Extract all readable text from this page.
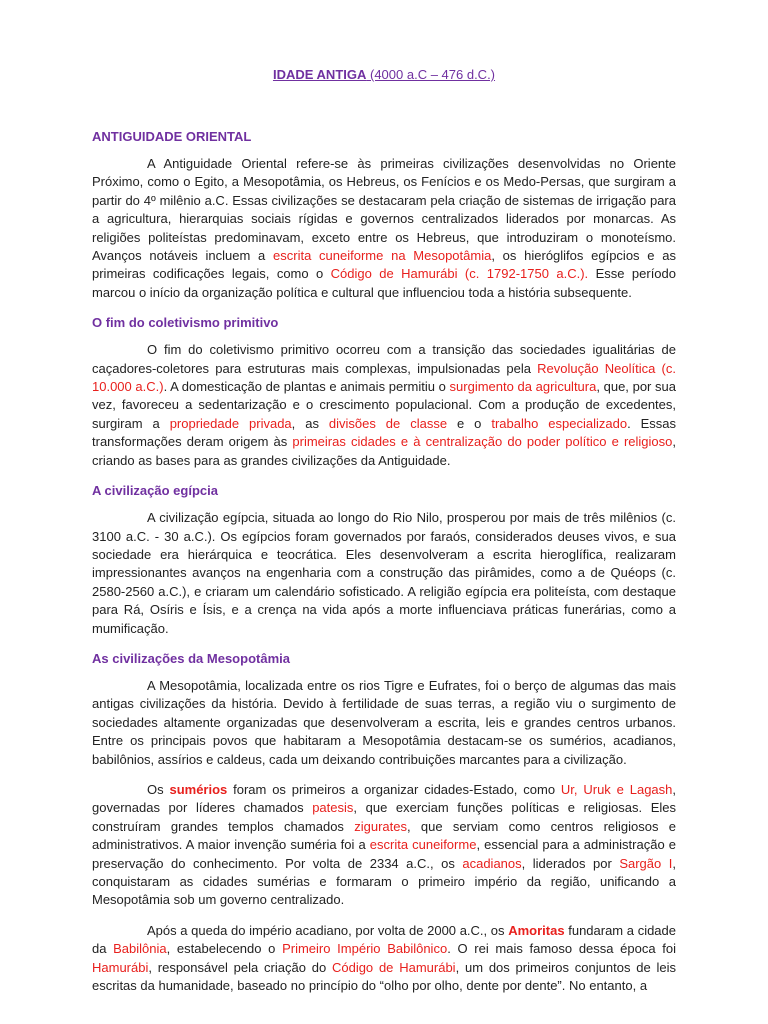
IDADE ANTIGA (4000 a.C – 476 d.C.)
ANTIGUIDADE ORIENTAL

A Antiguidade Oriental refere-se às primeiras civilizações desenvolvidas no Oriente Próximo, como o Egito, a Mesopotâmia, os Hebreus, os Fenícios e os Medo-Persas, que surgiram a partir do 4º milênio a.C. Essas civilizações se destacaram pela criação de sistemas de irrigação para a agricultura, hierarquias sociais rígidas e governos centralizados liderados por monarcas. As religiões politeístas predominavam, exceto entre os Hebreus, que introduziram o monoteísmo. Avanços notáveis incluem a escrita cuneiforme na Mesopotâmia, os hieróglifos egípcios e as primeiras codificações legais, como o Código de Hamurábi (c. 1792-1750 a.C.). Esse período marcou o início da organização política e cultural que influenciou toda a história subsequente.

O fim do coletivismo primitivo

O fim do coletivismo primitivo ocorreu com a transição das sociedades igualitárias de caçadores-coletores para estruturas mais complexas, impulsionadas pela Revolução Neolítica (c. 10.000 a.C.). A domesticação de plantas e animais permitiu o surgimento da agricultura, que, por sua vez, favoreceu a sedentarização e o crescimento populacional. Com a produção de excedentes, surgiram a propriedade privada, as divisões de classe e o trabalho especializado. Essas transformações deram origem às primeiras cidades e à centralização do poder político e religioso, criando as bases para as grandes civilizações da Antiguidade.

A civilização egípcia

A civilização egípcia, situada ao longo do Rio Nilo, prosperou por mais de três milênios (c. 3100 a.C. - 30 a.C.). Os egípcios foram governados por faraós, considerados deuses vivos, e sua sociedade era hierárquica e teocrática. Eles desenvolveram a escrita hieroglífica, realizaram impressionantes avanços na engenharia com a construção das pirâmides, como a de Quéops (c. 2580-2560 a.C.), e criaram um calendário sofisticado. A religião egípcia era politeísta, com destaque para Rá, Osíris e Ísis, e a crença na vida após a morte influenciava práticas funerárias, como a mumificação.

As civilizações da Mesopotâmia

A Mesopotâmia, localizada entre os rios Tigre e Eufrates, foi o berço de algumas das mais antigas civilizações da história. Devido à fertilidade de suas terras, a região viu o surgimento de sociedades altamente organizadas que desenvolveram a escrita, leis e grandes centros urbanos. Entre os principais povos que habitaram a Mesopotâmia destacam-se os sumérios, acadianos, babilônios, assírios e caldeus, cada um deixando contribuições marcantes para a civilização.

Os sumérios foram os primeiros a organizar cidades-Estado, como Ur, Uruk e Lagash, governadas por líderes chamados patesis, que exerciam funções políticas e religiosas. Eles construíram grandes templos chamados zigurates, que serviam como centros religiosos e administrativos. A maior invenção suméria foi a escrita cuneiforme, essencial para a administração e preservação do conhecimento. Por volta de 2334 a.C., os acadianos, liderados por Sargão I, conquistaram as cidades sumérias e formaram o primeiro império da região, unificando a Mesopotâmia sob um governo centralizado.

Após a queda do império acadiano, por volta de 2000 a.C., os Amoritas fundaram a cidade da Babilônia, estabelecendo o Primeiro Império Babilônico. O rei mais famoso dessa época foi Hamurábi, responsável pela criação do Código de Hamurábi, um dos primeiros conjuntos de leis escritas da humanidade, baseado no princípio do “olho por olho, dente por dente”. No entanto, a
